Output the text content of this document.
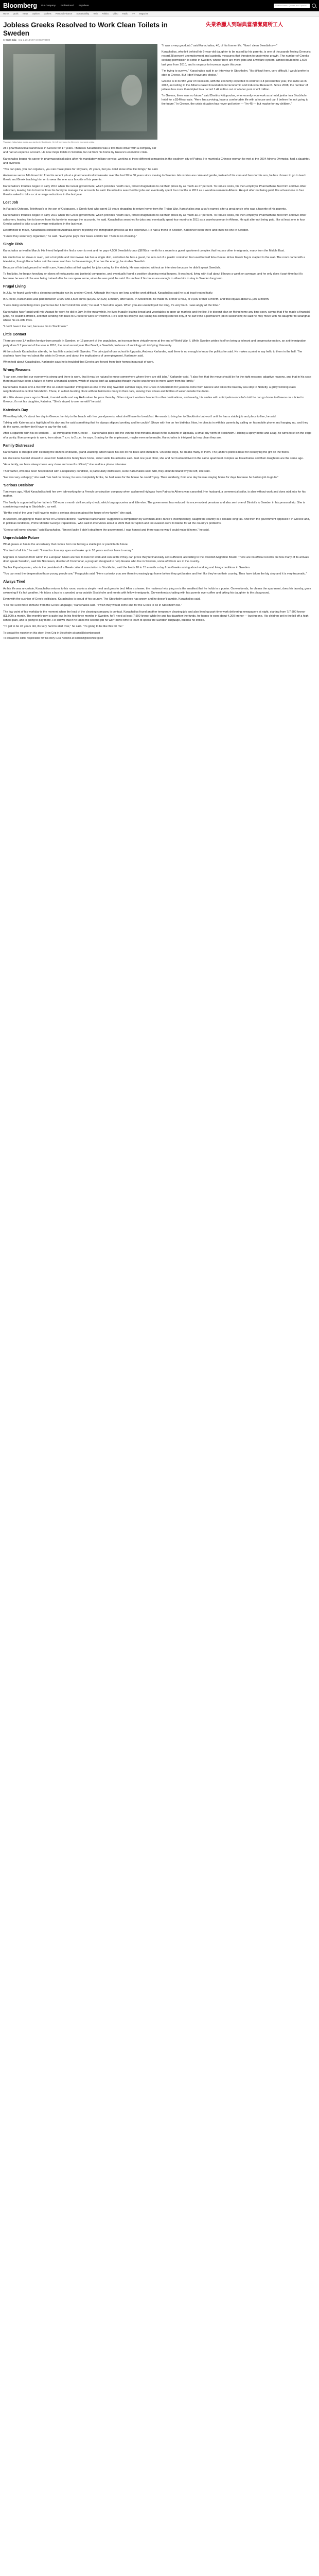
Bloomberg Our Company Professional Anywhere	Search News, Quotes and Opinion
Home Quick News Opinion Markets Personal Finance Sustainability Tech Politics Video Radio TV Magazine
Jobless Greeks Resolved to Work Clean Toilets in Sweden
失業希臘人到瑞典當清潔廁所工人
By Sven Grip · Sep 1, 2013 5:57 AM GMT+0800
Thanasis Kalachalos works as a janitor in Stockholm. He left him home by Greece's economic crisis.

At a pharmaceutical warehouse in Greece for 17 years. Thanasis Karachalios was a tow-truck driver with a company car and had an expense account. He now mops toilets in Sweden, far cut from his home by Greece's economic crisis.

"It was a very good job," said Karachalios, 40, of his former life. "Now I clean Swedish s—."

Karachalios, who left behind his 6-year-old daughter to be raised by his parents, is one of thousands fleeing Greece's record 28 percent unemployment and austerity measures that threaten to undermine growth. The number of Greeks seeking permission to settle in Sweden, where there are more jobs and a welfare system, almost doubled to 1,600 last year from 2010, and is on pace to increase again this year.

"I'm trying to survive," Karachalios said in an interview in Stockholm. "It's difficult here, very difficult. I would prefer to stay in Greece. But I don't have any choice."

Greece is in its fifth year of recession, with the economy expected to contract 4.8 percent this year, the same as in 2012, according to the Athens-based Foundation for Economic and Industrial Research. Since 2008, the number of jobless has more than tripled to a record 1.42 million out of a labor pool of 4.9 million.

"In Greece, there was no future," said Dimitris Kritopoulos, who recently won work as a hotel janitor in a Stockholm hotel for a $14/hour rate. "Here I'm surviving, have a comfortable life with a house and car. I believe I'm not going to the future." In Greece, the crisis situation has never got better — 'I'm 45 — but maybe for my children."

Karachalios began his career in pharmaceutical sales after his mandatory military service, working at three different companies in the southern city of Patras. He married a Chinese woman he met at the 2004 Athens Olympics, had a daughter, and divorced.

"You can plan, you can organize, you can make plans for 10 years, 20 years, but you don't know what life brings," he said.

An intense sense felt drove him from his recent job at a pharmaceutical wholesaler over the last 20 to 30 years since moving to Sweden. His stories are calm and gentle, instead of his cars and bars for his son, he has chosen to go to teach Greek and Greek teaching him on to wear the one as a favorite of his parents.

Karachalios's troubles began in early 2010 when the Greek government, which provides health care, forced drugmakers to cut their prices by as much as 27 percent. To reduce costs, his then-employer Pharmathens fired him and five other salesmen, leaving him to borrow from his family to manage the accounts he said. Karachalios searched for jobs and eventually spent four months in 2011 as a warehouseman in Athens. He quit after not being paid, like at least one in four Greeks asked to take a cut or wage reductions in the last year.

Lost Job

In Patras's Octopus, Teletheus's in the son of Octopuses, a Greek fund who spent 18 years struggling to return home from the Trojan War. Karachalios was a car's named after a great uncle who was a favorite of his parents.

Karachalios's troubles began in early 2010 when the Greek government, which provides health care, forced drugmakers to cut their prices by as much as 27 percent. To reduce costs, his then-employer Pharmathens fired him and five other salesmen, leaving him to borrow from his family to manage the accounts, he said. Karachalios searched for jobs and eventually spent four months in 2011 as a warehouseman in Athens. He quit after not being paid, like at least one in four Greeks asked to take a cut or wage reductions in the last year.

Determined to move, Karachalios considered Australia before rejecting the immigration process as too expensive. He had a friend in Sweden, had never been there and knew no one in Sweden.

"I knew they were very organized," he said. "Everyone pays their taxes and it's fair. There is no cheating."

Single Dish

Karachalios arrived in March. His friend helped him find a room to rent and he pays 4,500 Swedish kronor ($676) a month for a room in a guest apartment complex that houses other immigrants, many from the Middle East.

His studio has no stove or oven, just a hot plate and microwave. He has a single dish, and when he has a guest, he sets out of a plastic container that used to hold feta cheese. A bus Greek flag is stapled to the wall. The room came with a television, though Karachalios said he never watches. In the evenings, if he has the energy, he studies Swedish.

Because of his background in health care, Karachalios at first applied for jobs caring for the elderly. He was rejected without an interview because he didn't speak Swedish.

To find jobs, he began knocking on doors of restaurants and janitorial companies, and eventually found a position cleaning rental houses. It was hard, living with it all about 8 hours a week on average, and he only does it part-time but it's because he was told he was being trained after he can speak some, when he was paid, he said. It's unclear if his hours are enough to allow him to stay in Sweden long term.

Frugal Living

In July, he found work with a cleaning contractor run by another Greek. Although the hours are long and the work difficult, Karachalios said he is at least treated fairly.

In Greece, Karachalios was paid between 3,000 and 3,500 euros ($3,960-$4,620) a month, after taxes. In Stockholm, he made 90 kronor a hour, or 9,000 kronor a month, and that equals about €1,007 a month.

"I was doing something more glamorous but I don't mind this work," he said. "I feel alive again. When you are unemployed too long, it's very hard. I was angry all the time."

Karachalios hasn't paid until mid-August for work he did in July. In the meanwhile, he lives frugally, buying bread and vegetables in open-air markets and the like. He doesn't plan on flying home any time soon, saying that if he made a financial jump, he couldn't afford it, and that sending him back to Greece to work isn't worth it. He's kept his lifestyle low, taking his clothing catered only, if he can't find a permanent job in Stockholm; he said he may move with his daughter to Shanghai, where his ex-wife lives.

"I don't have it too bad, because I'm in Stockholm."

Little Contact

There are now 1.4 million foreign-born people in Sweden, or 15 percent of the population, an increase from virtually none at the end of World War II. While Sweden prides itself on being a tolerant and progressive nation, an anti-immigration party drew 5.7 percent of the vote in 2010, the most recent year Mar Beadl, a Swedish professor of sociology at Linköping University.

At the schools Karachalios attends, he has little contact with Swedes. The principal of one school in Uppsala, Andreas Karlander, said there is no enough to know the politics he said. He makes a point to say hello to them in the hall. The students have learned about the crisis in Greece, and about the implications of unemployment, Karlander said.

When told about Karachalios, Karlander says he is troubled that Greeks are forced from their homes in pursuit of work.

Wrong Reasons

"I can see, now that our economy is strong and there is work, that it may be natural to move somewhere where there are still jobs," Karlander said. "I also feel that the move should be for the right reasons: adaptive reasons, and that in his case there must have been a failure at home a financial system, which of course isn't as appealing though that he was forced to move away from his family."

Karachalios makes of it a mix with the so-called Swedish immigrant as one of the long Swedish summer days, the Greek in Stockholm for years to come from Greece and takes the balcony sea stop to Nobelty, a gritty working class neighborhood in central Stockholm. There, in a drab bustling block without heirlooms many in their cars, leaving their shoes and bottles of water outside the doors.

At a little eleven years ago in Greek, it would smile and say Hello when he pass them by. Other migrant workers headed to other destinations, and nearby, his smiles with anticipation once he's told he can go home to Greece on a ticket to Greece, it's not his daughter, Katerina. "She's stayed to see me with" he said.

Katerina's Day

When they talk, it's about her day in Greece: her trip to the beach with her grandparents, what she'll have for breakfast. He wants to bring her to Stockholm but won't until he has a stable job and place to live, he said.

Talking with Katerina at a highlight of his day and he said something that he always skipped working and he couldn't Skype with her on her birthday. Now, he checks in with his parents by calling on his mobile phone and hanging up, and they do the same, so they don't have to pay for the call.

After a cigarette with his co-workers — all immigrants from Greece — Karachalios piles into the van the first minutes ahead in the outskirts of Uppsala, a small city north of Stockholm. Holding a spray bottle and a rag, he turns to sit on the edge of a vanity. Everyone gets to work, from about 7 a.m. to 2 p.m. he says. Bracing for the unpleasant, maybe even unbearable, Karachalios is intrigued by how clean they are.

Family Distressed

Karachalios is charged with cleaning the dozens of double, grand-washing, which takes his cell on his back and shoulders. On some days, he cleans many of them. The janitor's point is base for occupying the grit on the floors.

His decisions haven't slowed to leave him hard on his family back home, sister Helle Karachalios said. Just one year older, she and her husband lived in the same apartment complex as Karachalios and their daughters are the same age.

"As a family, we have always been very close and now it's difficult," she said in a phone interview.

Their father, who has been hospitalized with a respiratory condition, is particularly distressed, Helle Karachalios said. Still, they all understand why he left, she said.

"He was very unhappy," she said. "He had no money, he was completely broke, he had loans for the house he couldn't pay. Then suddenly, from one day he was staying home for days because he had no job to go to."

'Serious Decision'

Tom years ago, Nikki Karachalios told her own job working for a French construction company when a planned highway from Patras to Athens was canceled. Her husband, a commercial sailor, is also without work and does odd jobs for his mother.

The family is supported by her father's 750 euro a month civil security check, which buys groceries and little else. The government has reduced his once-modest pensions and also sent one of Dimitri's to Sweden in his personal trip. She is considering moving to Stockholm, as well.

"By the end of the year I will have to make a serious decision about the future of my family," she said.

In Sweden, struggling to make sense of Greece's decline. "Samiraki Karachalios" suggested a comparison by Denmark and France's incompetently, caught the country in a decade-long fall. And then the government opposed it in Greece and, in political conditions, Prime Minister George Papandreou, who said in interviews about in 2009 that corruption and tax evasion were to blame for all the country's problems.

"Greece will never change," said Karachalios. "I'm not lucky. I didn't steal from the government. I was honest and there was no way I could make it home," he said.

Unpredictable Future

What gnaws at him is the uncertainty that comes from not having a stable job or predictable future.

"I'm tired of all this," he said. "I want to close my eyes and wake up in 10 years and not have to worry."

Migrants to Sweden from within the European Union are free to look for work and can settle if they can prove they're financially self-sufficient, according to the Swedish Migration Board. There are no official records on how many of its arrivals don't speak Swedish, said Ida Nilsonsen, director of Communal, a program designed to help Greeks who live in Sweden, some of whom are in the country.

Sophia Papadopoulou, who is the president of a Greek cultural association in Stockholm, said the feeds 10 to 15 e-mails a day from Greeks asking about working and living conditions in Sweden.

"You can read the desperation those young people are," Fragapidis said. "Here curiosity, you see them increasingly go home before they get beaten and feel like they're on their country. They have taken the big step and it is very traumatic."

Always Tired

As his life was uncertain, Karachalios returns to his room, cooks a simple meal and goes to bed. After a shower, the mattress he's lying on is the smallest that he holds in a punter. On weekends, he cleans the apartment, does his laundry, goes swimming if it's hot weather. He takes a bus to a wooded area outside Stockholm and meets with fellow immigrants. On weekends chatting with his parents over coffee and taking his daughter to the playground.

Even with the cushion of Greek politicians, Karachalios is proud of his country. The Stockholm asylees has grown and he doesn't gamble, Karachalios said.

"I do feel a bit more immune from the Greek language," Karachalios said. "I wish they would come and for the Greek to be in Stockholm too."

The low point of his workday is the moment when the lead of the cleaning company is contact. Karachalios found another temporary cleaning job and also lined up part-time work delivering newspapers at night, starting from 7/7,800 kronor ($1,000) a month. The monthly pay is quite low. In his first three months in Sweden, he'll need at least 7,500 kronor while he and his daughter the funds, he hopes to earn about 4,200 kronor — buying one. His children get in the bill off a high school plan, and is going to pay more. He knows that if he takes the second job he won't have time to learn to speak the Swedish language, but has no choice.

"To get to be 45 years old, it's very hard to start over," he said. "It's going to be like this for me."

To contact the reporter on this story: Sven Grip in Stockholm at sgrip@bloomberg.net

To contact the editor responsible for this story: Lisa Koblenz at lkoblenz@bloomberg.net
